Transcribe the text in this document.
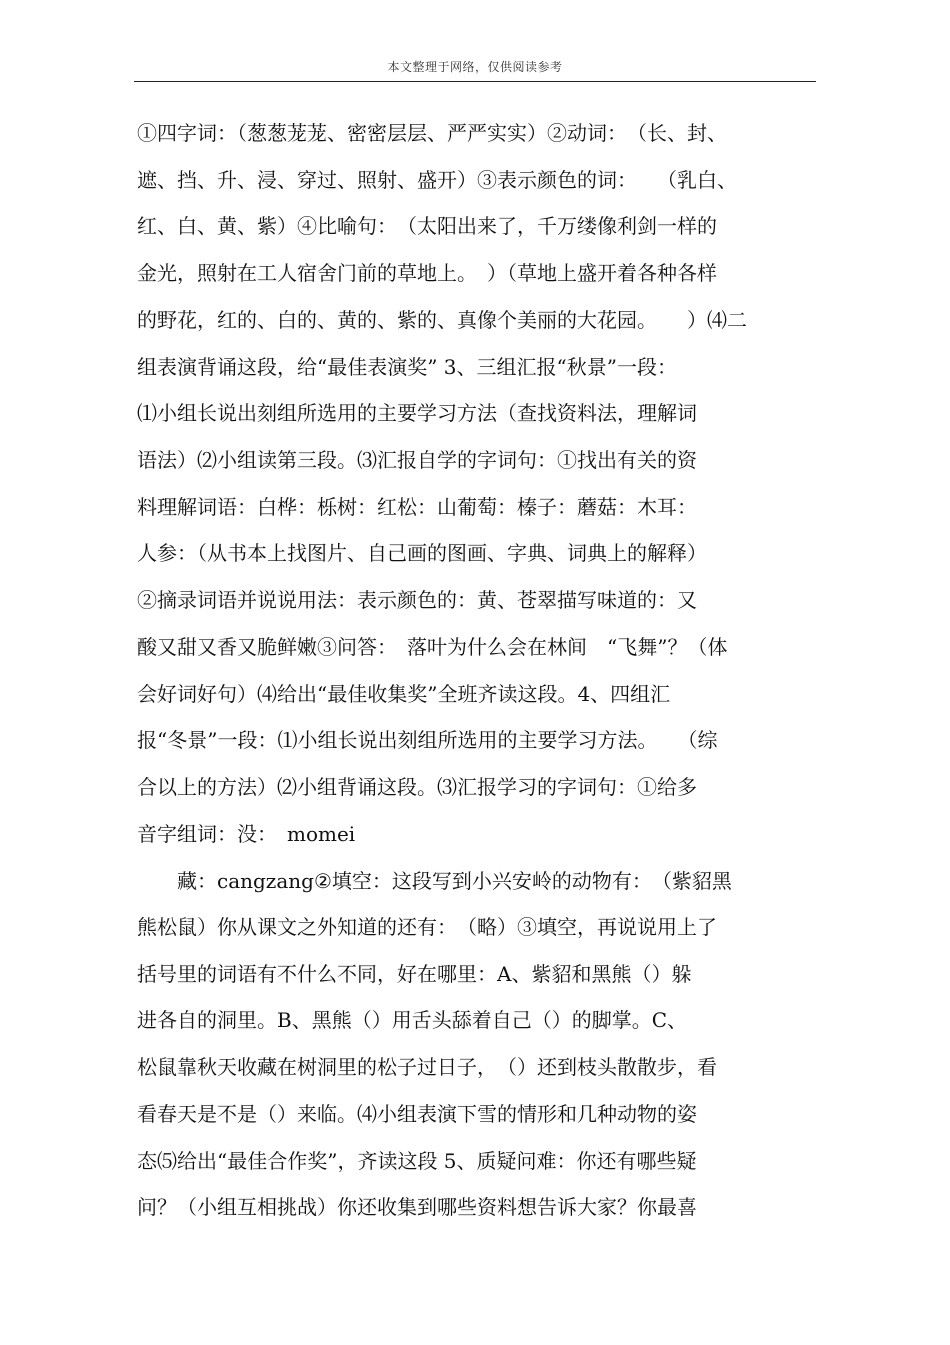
本文整理于网络，仅供阅读参考
①四字词：（葱葱茏茏、密密层层、严严实实）②动词：　（长、封、
遮、挡、升、浸、穿过、照射、盛开）③表示颜色的词：　　（乳白、
红、白、黄、紫）④比喻句：　（太阳出来了，千万缕像利剑一样的
金光，照射在工人宿舍门前的草地上。　）（草地上盛开着各种各样
的野花，红的、白的、黄的、紫的、真像个美丽的大花园。　　）⑷二
组表演背诵这段，给“最佳表演奖” 3、三组汇报“秋景”一段：
⑴小组长说出刻组所选用的主要学习方法（查找资料法，理解词
语法）⑵小组读第三段。⑶汇报自学的字词句：①找出有关的资
料理解词语：白桦：栎树：红松：山葡萄：榛子：蘑菇：木耳：
人参：（从书本上找图片、自己画的图画、字典、词典上的解释）
②摘录词语并说说用法：表示颜色的：黄、苍翠描写味道的：又
酸又甜又香又脆鲜嫩③问答：　落叶为什么会在林间　“飞舞”？（体
会好词好句）⑷给出“最佳收集奖”全班齐读这段。4、四组汇
报“冬景”一段：⑴小组长说出刻组所选用的主要学习方法。　　（综
合以上的方法）⑵小组背诵这段。⑶汇报学习的字词句：①给多
音字组词：没：　momei
　　藏：cangzang②填空：这段写到小兴安岭的动物有：　（紫貂黑
熊松鼠）你从课文之外知道的还有：　（略）③填空，再说说用上了
括号里的词语有不什么不同，好在哪里：A、紫貂和黑熊（）躲
进各自的洞里。B、黑熊（）用舌头舔着自己（）的脚掌。C、
松鼠靠秋天收藏在树洞里的松子过日子，　（）还到枝头散散步，看
看春天是不是（）来临。⑷小组表演下雪的情形和几种动物的姿
态⑸给出“最佳合作奖”，齐读这段 5、质疑问难：你还有哪些疑
问？（小组互相挑战）你还收集到哪些资料想告诉大家？你最喜
